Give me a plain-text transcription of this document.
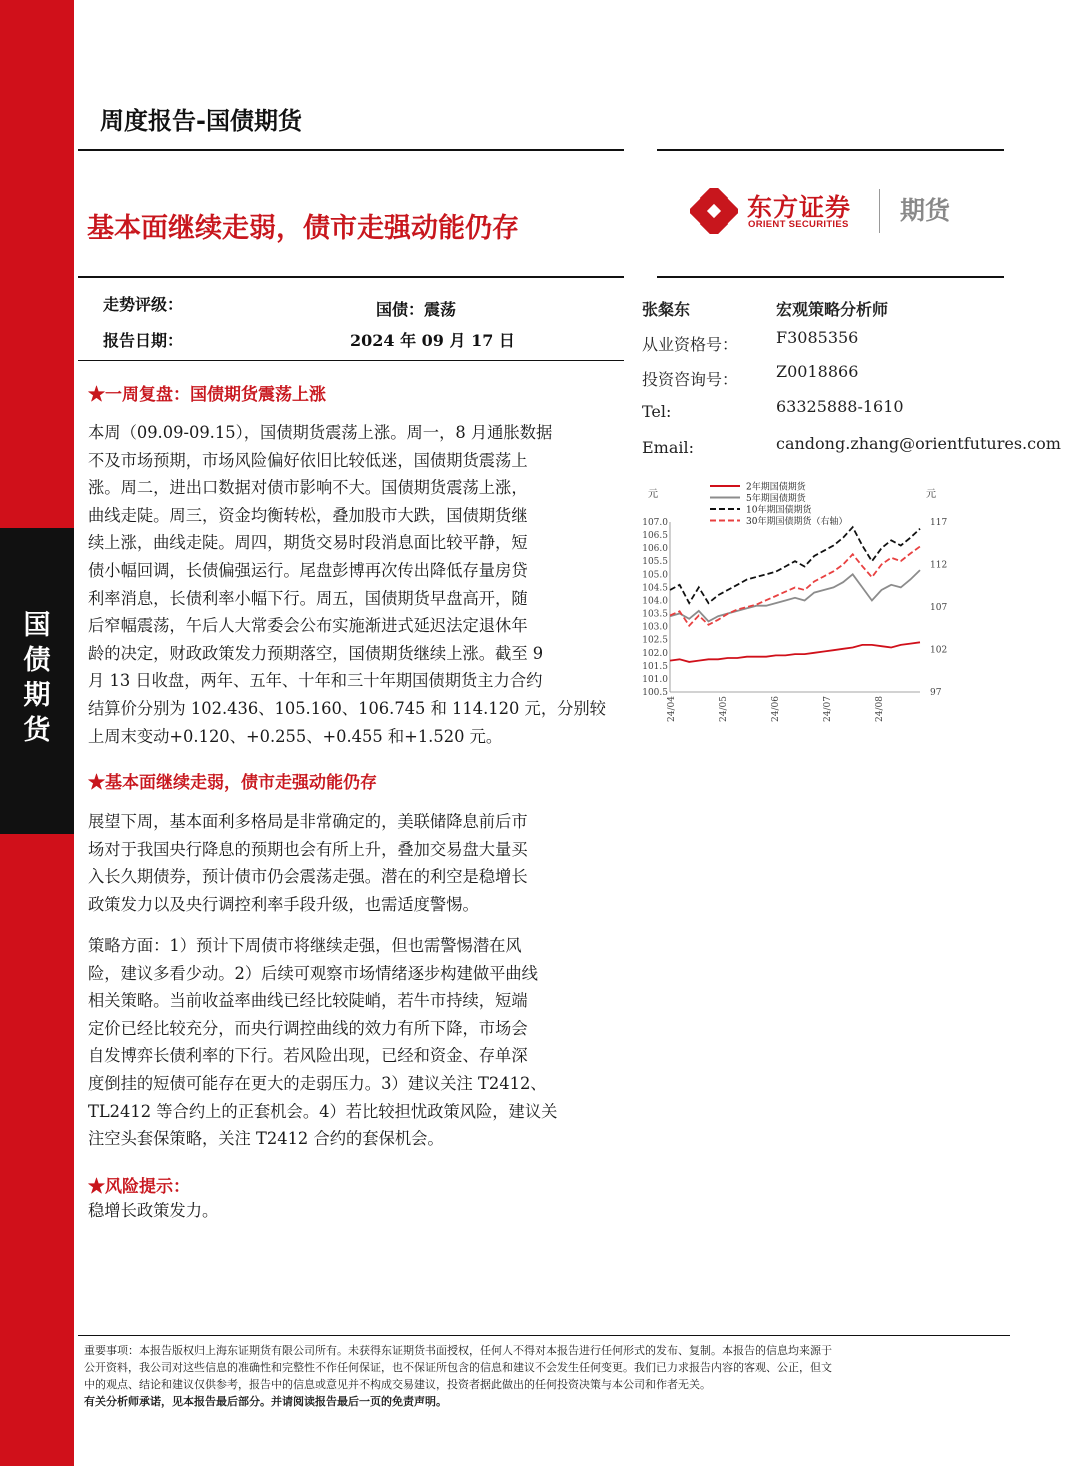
国
债
期
货
周度报告-国债期货
基本面继续走弱，债市走强动能仍存
东方证券
ORIENT SECURITIES 期货
走势评级：	国债：震荡
报告日期：	2024 年 09 月 17 日
张粲东	宏观策略分析师
从业资格号： F3085356
投资咨询号： Z0018866
Tel:	63325888-1610
Email:	candong.zhang@orientfutures.com
元	元
107.0
106.5
106.0
105.5
105.0
104.5
104.0
103.5
103.0
102.5
102.0
101.5
101.0
100.5
117
112
107
102
97
24/04	24/05	24/06	24/07	24/08
2年期国债期货
5年期国债期货
10年期国债期货
30年期国债期货（右轴）
★一周复盘：国债期货震荡上涨
本周（09.09-09.15），国债期货震荡上涨。周一，8 月通胀数据
不及市场预期，市场风险偏好依旧比较低迷，国债期货震荡上
涨。周二，进出口数据对债市影响不大。国债期货震荡上涨，
曲线走陡。周三，资金均衡转松，叠加股市大跌，国债期货继
续上涨，曲线走陡。周四，期货交易时段消息面比较平静，短
债小幅回调，长债偏强运行。尾盘彭博再次传出降低存量房贷
利率消息，长债利率小幅下行。周五，国债期货早盘高开，随
后窄幅震荡，午后人大常委会公布实施渐进式延迟法定退休年
龄的决定，财政政策发力预期落空，国债期货继续上涨。截至 9
月 13 日收盘，两年、五年、十年和三十年期国债期货主力合约
结算价分别为 102.436、105.160、106.745 和 114.120 元，分别较
上周末变动+0.120、+0.255、+0.455 和+1.520 元。
★基本面继续走弱，债市走强动能仍存
展望下周，基本面利多格局是非常确定的，美联储降息前后市
场对于我国央行降息的预期也会有所上升，叠加交易盘大量买
入长久期债券，预计债市仍会震荡走强。潜在的利空是稳增长
政策发力以及央行调控利率手段升级，也需适度警惕。
策略方面：1）预计下周债市将继续走强，但也需警惕潜在风
险，建议多看少动。2）后续可观察市场情绪逐步构建做平曲线
相关策略。当前收益率曲线已经比较陡峭，若牛市持续，短端
定价已经比较充分，而央行调控曲线的效力有所下降，市场会
自发博弈长债利率的下行。若风险出现，已经和资金、存单深
度倒挂的短债可能存在更大的走弱压力。3）建议关注 T2412、
TL2412 等合约上的正套机会。4）若比较担忧政策风险，建议关
注空头套保策略，关注 T2412 合约的套保机会。
★风险提示：
稳增长政策发力。
重要事项：本报告版权归上海东证期货有限公司所有。未获得东证期货书面授权，任何人不得对本报告进行任何形式的发布、复制。本报告的信息均来源于
公开资料，我公司对这些信息的准确性和完整性不作任何保证，也不保证所包含的信息和建议不会发生任何变更。我们已力求报告内容的客观、公正，但文
中的观点、结论和建议仅供参考，报告中的信息或意见并不构成交易建议，投资者据此做出的任何投资决策与本公司和作者无关。
有关分析师承诺，见本报告最后部分。并请阅读报告最后一页的免责声明。
